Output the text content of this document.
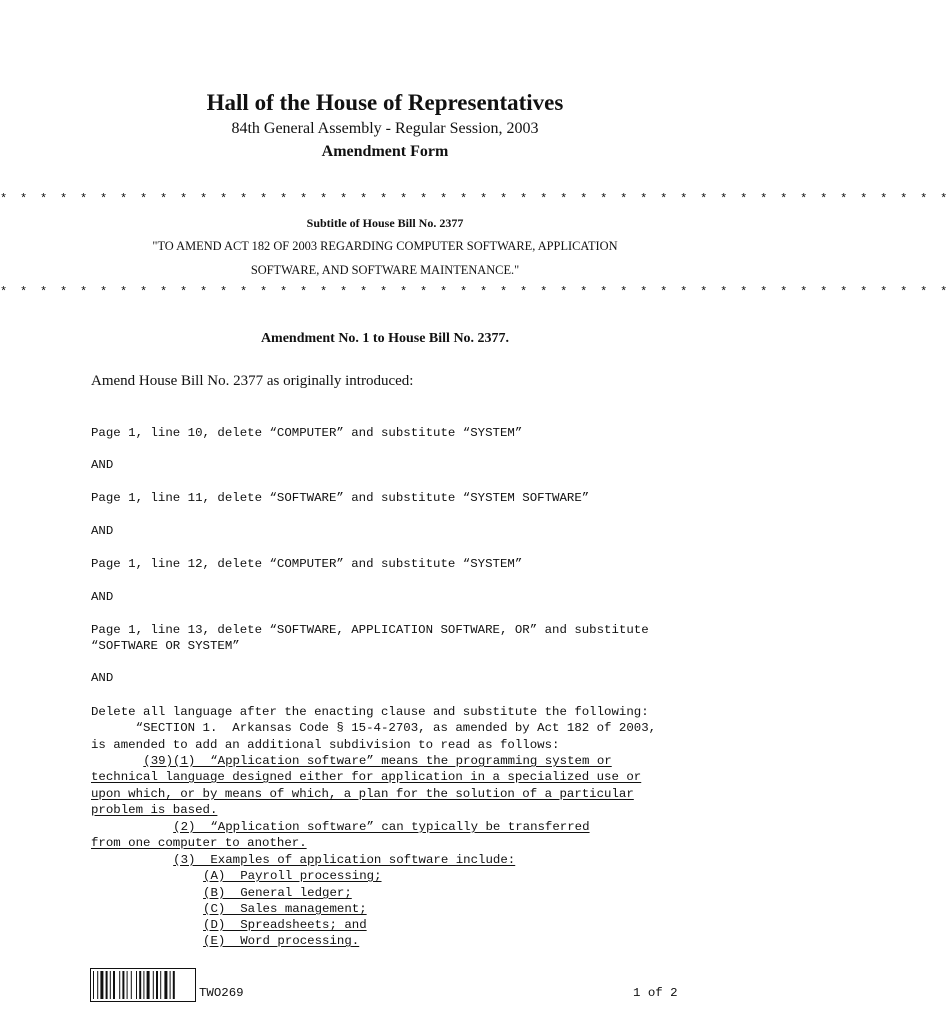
Hall of the House of Representatives
84th General Assembly - Regular Session, 2003
Amendment Form
* * * * * * * * * * * * * * * * * * * * * * * * * * * * * * * * * * * * * * * * * * * * * * * *
Subtitle of House Bill No. 2377
"TO AMEND ACT 182 OF 2003 REGARDING COMPUTER SOFTWARE, APPLICATION
SOFTWARE, AND SOFTWARE MAINTENANCE."
* * * * * * * * * * * * * * * * * * * * * * * * * * * * * * * * * * * * * * * * * * * * * * * *
Amendment No. 1 to House Bill No. 2377.
Amend House Bill No. 2377 as originally introduced:
Page 1, line 10, delete “COMPUTER” and substitute “SYSTEM”
AND
Page 1, line 11, delete “SOFTWARE” and substitute “SYSTEM SOFTWARE”
AND
Page 1, line 12, delete “COMPUTER” and substitute “SYSTEM”
AND
Page 1, line 13, delete “SOFTWARE, APPLICATION SOFTWARE, OR” and substitute
“SOFTWARE OR SYSTEM”
AND
Delete all language after the enacting clause and substitute the following:
“SECTION 1.  Arkansas Code § 15-4-2703, as amended by Act 182 of 2003,
is amended to add an additional subdivision to read as follows:
(39)(1)  “Application software” means the programming system or
technical language designed either for application in a specialized use or
upon which, or by means of which, a plan for the solution of a particular
problem is based.
(2)  “Application software” can typically be transferred
from one computer to another.
(3)  Examples of application software include:
(A)  Payroll processing;
(B)  General ledger;
(C)  Sales management;
(D)  Spreadsheets; and
(E)  Word processing.
TWO269	1 of 2
